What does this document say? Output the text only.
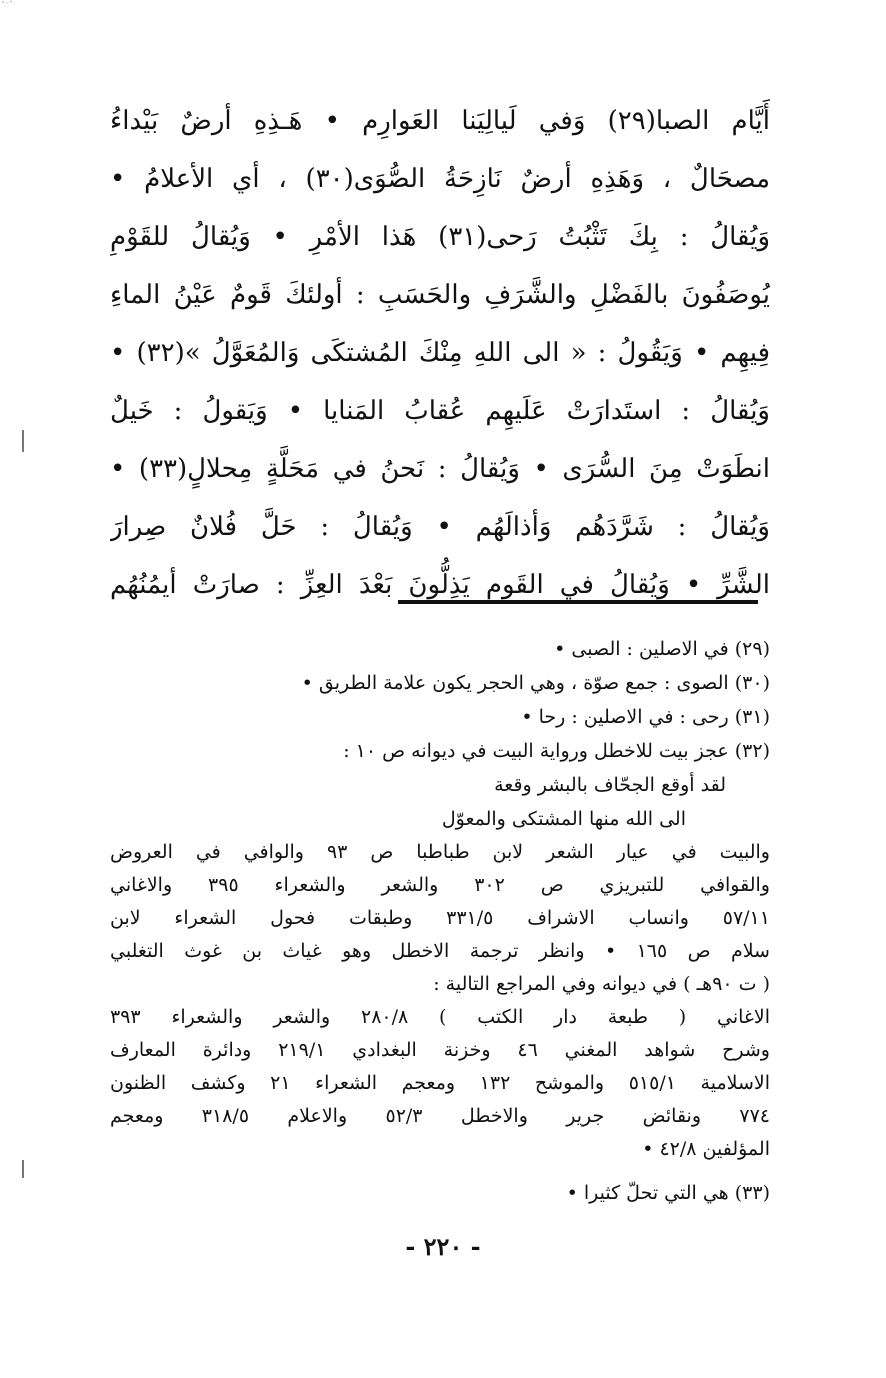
أَيَّام الصبا(٢٩) وَفي لَيالِيَنا العَوارِم • هَـذِهِ أرضٌ بَيْداءُ
مصحَالٌ ، وَهَذِهِ أرضٌ نَازِحَةُ الصُّوَى(٣٠) ، أي الأعلامُ •
وَيُقالُ : بِكَ تَثْبُتُ رَحى(٣١) هَذا الأمْرِ • وَيُقالُ للقَوْمِ
يُوصَفُونَ بالفَضْلِ والشَّرَفِ والحَسَبِ : أولئكَ قَومٌ عَيْنُ الماءِ
فِيهِم • وَيَقُولُ : « الى اللهِ مِنْكَ المُشتكَى وَالمُعَوَّلُ »(٣٢) •
وَيُقالُ : استَدارَتْ عَلَيهِم عُقابُ المَنايا • وَيَقولُ : خَيلٌ
انطَوَتْ مِنَ السُّرَى • وَيُقالُ : نَحنُ في مَحَلَّةٍ مِحلالٍ(٣٣) •
وَيُقالُ : شَرَّدَهُم وَأذالَهُم • وَيُقالُ : حَلَّ فُلانٌ صِرارَ
الشَّرِّ • وَيُقالُ في القَومِ يَذِلُّونَ بَعْدَ العِزِّ : صارَتْ أيمُنُهُم
(٢٩) في الاصلين : الصبى •
(٣٠) الصوى : جمع صوّة ، وهي الحجر يكون علامة الطريق •
(٣١) رحى : في الاصلين : رحا •
(٣٢) عجز بيت للاخطل ورواية البيت في ديوانه ص ١٠ :
لقد أوقع الجحّاف بالبشر وقعة
الى الله منها المشتكى والمعوّل
والبيت في عيار الشعر لابن طباطبا ص ٩٣ والوافي في العروض
والقوافي للتبريزي ص ٣٠٢ والشعر والشعراء ٣٩٥ والاغاني
٥٧/١١ وانساب الاشراف ٣٣١/٥ وطبقات فحول الشعراء لابن
سلام ص ١٦٥ • وانظر ترجمة الاخطل وهو غياث بن غوث التغلبي
( ت ٩٠هـ ) في ديوانه وفي المراجع التالية :
الاغاني ( طبعة دار الكتب ) ٢٨٠/٨ والشعر والشعراء ٣٩٣
وشرح شواهد المغني ٤٦ وخزنة البغدادي ٢١٩/١ ودائرة المعارف
الاسلامية ٥١٥/١ والموشح ١٣٢ ومعجم الشعراء ٢١ وكشف الظنون
٧٧٤ ونقائض جرير والاخطل ٥٢/٣ والاعلام ٣١٨/٥ ومعجم
المؤلفين ٤٢/٨ •
(٣٣) هي التي تحلّ كثيرا •
- ٢٢٠ -
